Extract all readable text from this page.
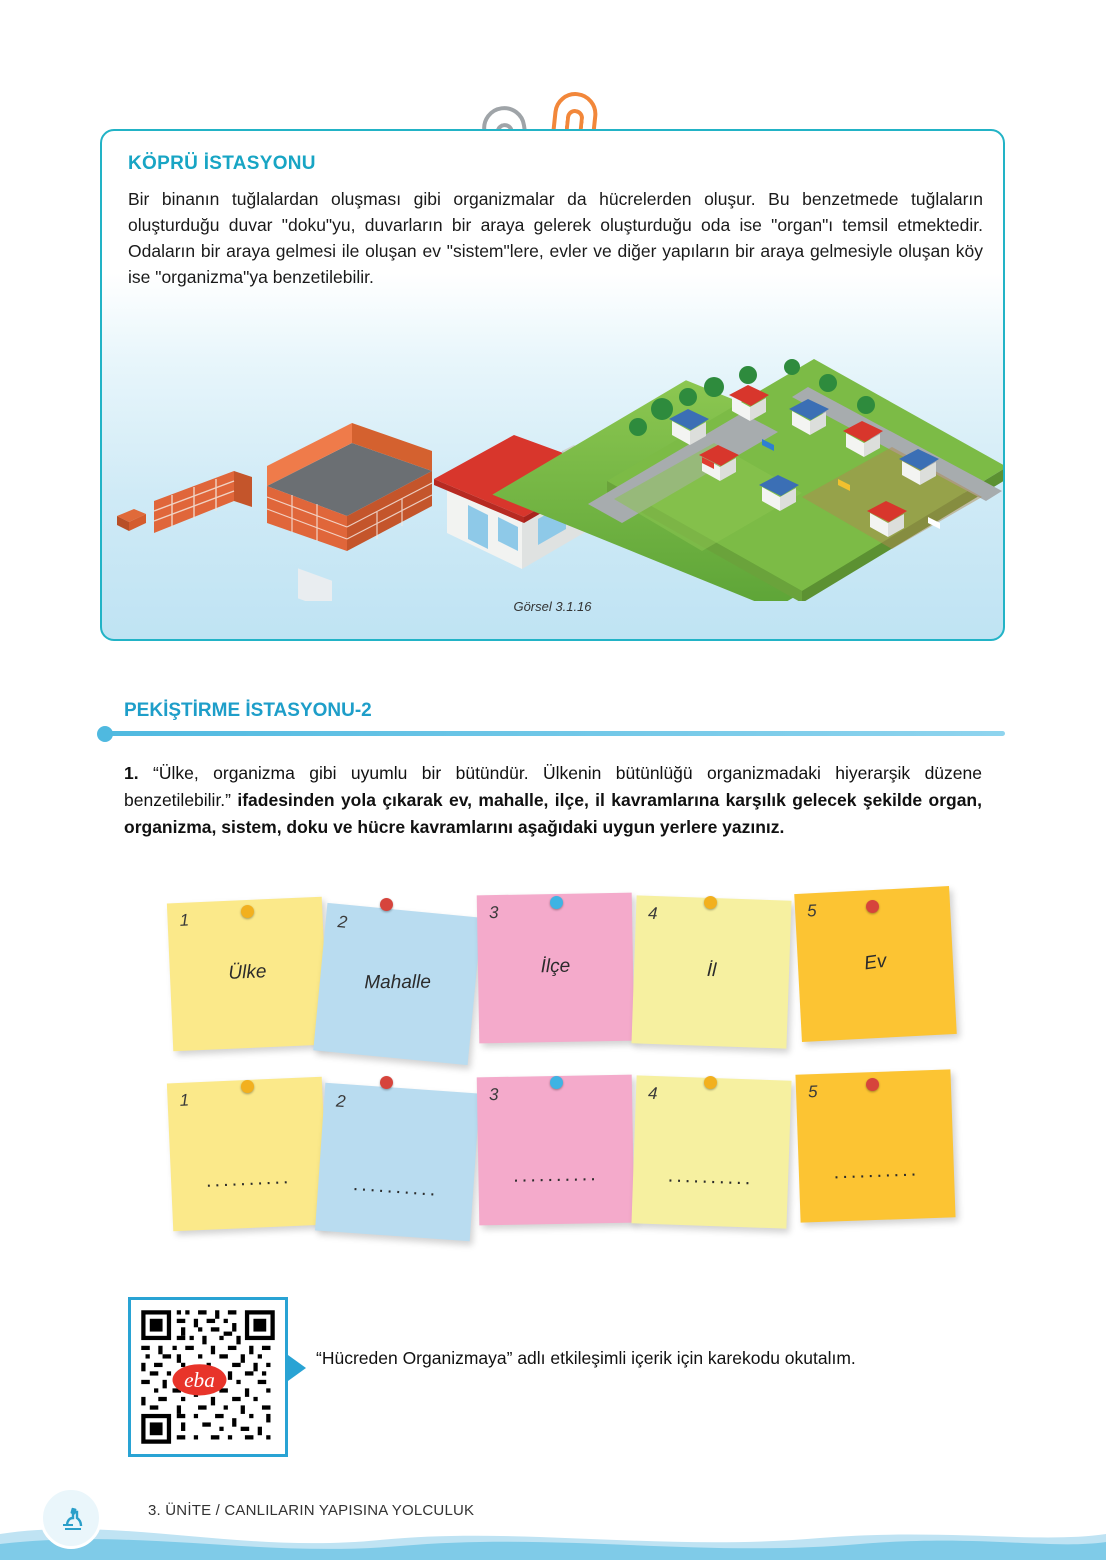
KÖPRÜ İSTASYONU
Bir binanın tuğlalardan oluşması gibi organizmalar da hücrelerden oluşur. Bu benzetmede tuğlaların oluşturduğu duvar "doku"yu, duvarların bir araya gelerek oluşturduğu oda ise "organ"ı temsil etmektedir. Odaların bir araya gelmesi ile oluşan ev "sistem"lere, evler ve diğer yapıların bir araya gelmesiyle oluşan köy ise "organizma"ya benzetilebilir.
Görsel 3.1.16
PEKİŞTİRME İSTASYONU-2
1. “Ülke, organizma gibi uyumlu bir bütündür. Ülkenin bütünlüğü organizmadaki hiyerarşik düzene benzetilebilir.” ifadesinden yola çıkarak ev, mahalle, ilçe, il kavramlarına karşılık gelecek şekilde organ, organizma, sistem, doku ve hücre kavramlarını aşağıdaki uygun yerlere yazınız.
1
Ülke
2
Mahalle
3
İlçe
4
İl
5
Ev
1
..........
2
..........
3
..........
4
..........
5
..........
eba
“Hücreden Organizmaya” adlı etkileşimli içerik için karekodu okutalım.
116 3. ÜNİTE / CANLILARIN YAPISINA YOLCULUK
